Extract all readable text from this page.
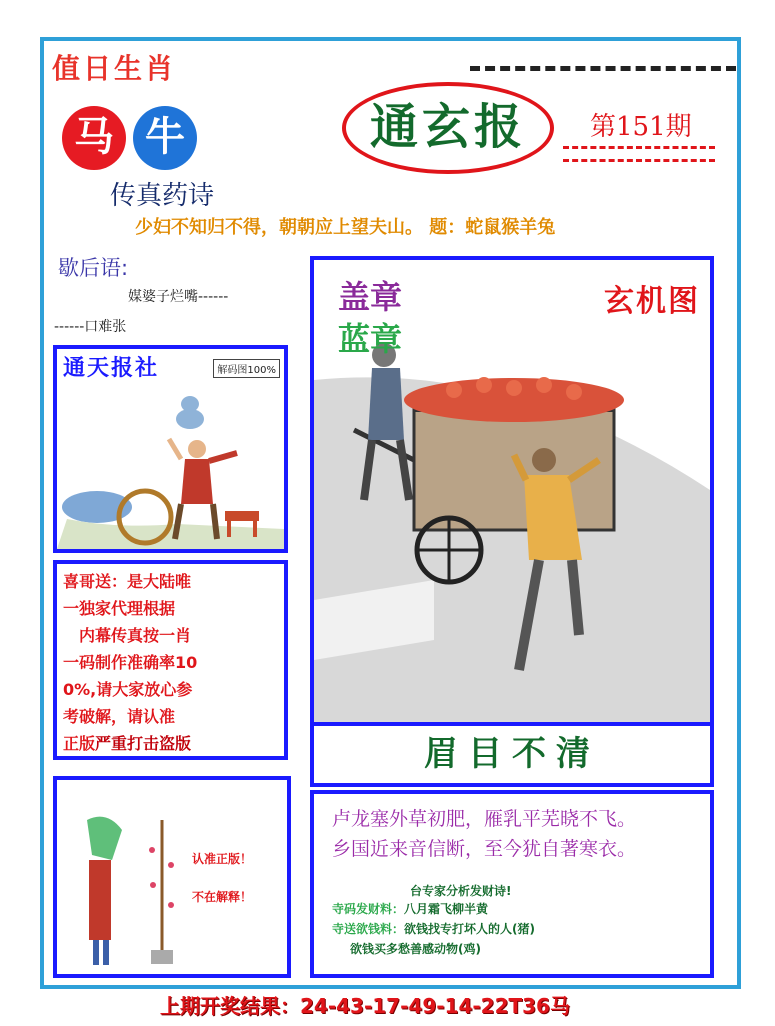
值日生肖
马 牛	通玄报	第151期
传真药诗
少妇不知归不得，朝朝应上望夫山。 题：蛇鼠猴羊兔
歇后语:
媒婆子烂嘴------
------口难张
通天报社	解码图100%
喜哥送：是大陆唯
一独家代理根据
　内幕传真按一肖
一码制作准确率10
0%,请大家放心参
考破解，请认准
正版严重打击盗版
认准正版！
不在解释！
盖章
蓝章
玄机图
眉目不清
卢龙塞外草初肥，雁乳平芜晓不飞。
乡国近来音信断，至今犹自著寒衣。
台专家分析发财诗!
寺码发财料：八月霜飞柳半黄
寺送欲钱料：欲钱找专打坏人的人(猪)
欲钱买多愁善感动物(鸡)
上期开奖结果：24-43-17-49-14-22T36马
